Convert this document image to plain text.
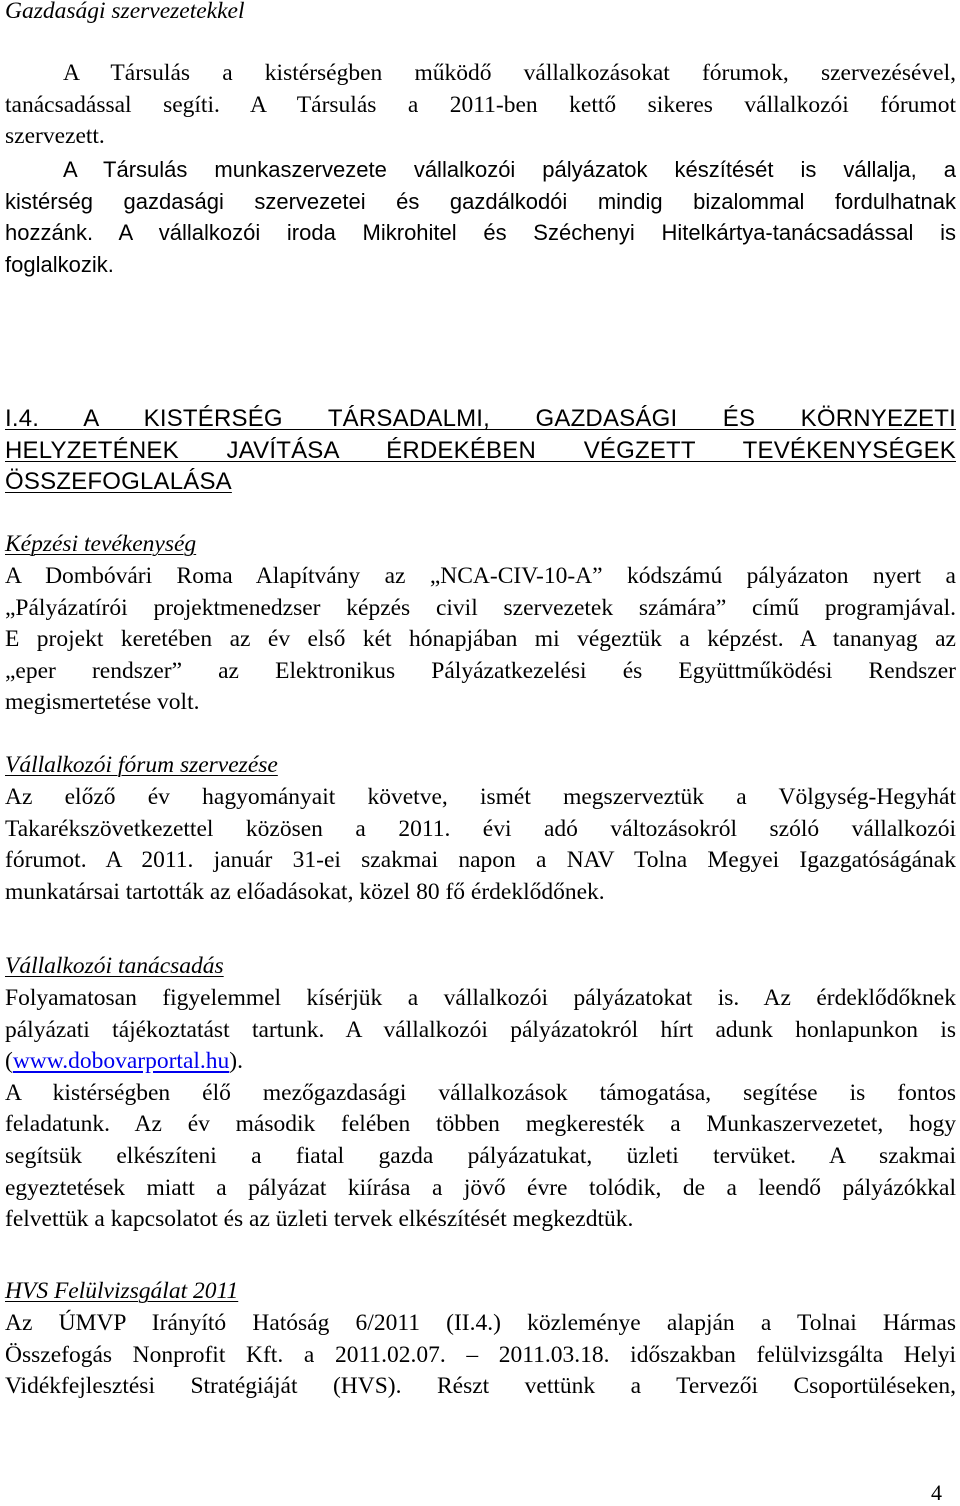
Gazdasági szervezetekkel
A Társulás a kistérségben működő vállalkozásokat fórumok, szervezésével,
tanácsadással segíti. A Társulás a 2011-ben kettő sikeres vállalkozói fórumot
szervezett.
A Társulás munkaszervezete vállalkozói pályázatok készítését is vállalja, a
kistérség gazdasági szervezetei és gazdálkodói mindig bizalommal fordulhatnak
hozzánk. A vállalkozói iroda Mikrohitel és Széchenyi Hitelkártya-tanácsadással is
foglalkozik.
I.4. A KISTÉRSÉG TÁRSADALMI, GAZDASÁGI ÉS KÖRNYEZETI
HELYZETÉNEK JAVÍTÁSA ÉRDEKÉBEN VÉGZETT TEVÉKENYSÉGEK
ÖSSZEFOGLALÁSA
Képzési tevékenység
A Dombóvári Roma Alapítvány az „NCA-CIV-10-A” kódszámú pályázaton nyert a
„Pályázatírói projektmenedzser képzés civil szervezetek számára” című programjával.
E projekt keretében az év első két hónapjában mi végeztük a képzést. A tananyag az
„eper rendszer” az Elektronikus Pályázatkezelési és Együttműködési Rendszer
megismertetése volt.
Vállalkozói fórum szervezése
Az előző év hagyományait követve, ismét megszerveztük a Völgység-Hegyhát
Takarékszövetkezettel közösen a 2011. évi adó változásokról szóló vállalkozói
fórumot. A 2011. január 31-ei szakmai napon a NAV Tolna Megyei Igazgatóságának
munkatársai tartották az előadásokat, közel 80 fő érdeklődőnek.
Vállalkozói tanácsadás
Folyamatosan figyelemmel kísérjük a vállalkozói pályázatokat is. Az érdeklődőknek
pályázati tájékoztatást tartunk. A vállalkozói pályázatokról hírt adunk honlapunkon is
(www.dobovarportal.hu).
A kistérségben élő mezőgazdasági vállalkozások támogatása, segítése is fontos
feladatunk. Az év második felében többen megkeresték a Munkaszervezetet, hogy
segítsük elkészíteni a fiatal gazda pályázatukat, üzleti tervüket. A szakmai
egyeztetések miatt a pályázat kiírása a jövő évre tolódik, de a leendő pályázókkal
felvettük a kapcsolatot és az üzleti tervek elkészítését megkezdtük.
HVS Felülvizsgálat 2011
Az ÚMVP Irányító Hatóság 6/2011 (II.4.) közleménye alapján a Tolnai Hármas
Összefogás Nonprofit Kft. a 2011.02.07. – 2011.03.18. időszakban felülvizsgálta Helyi
Vidékfejlesztési Stratégiáját (HVS). Részt vettünk a Tervezői Csoportüléseken,
4
